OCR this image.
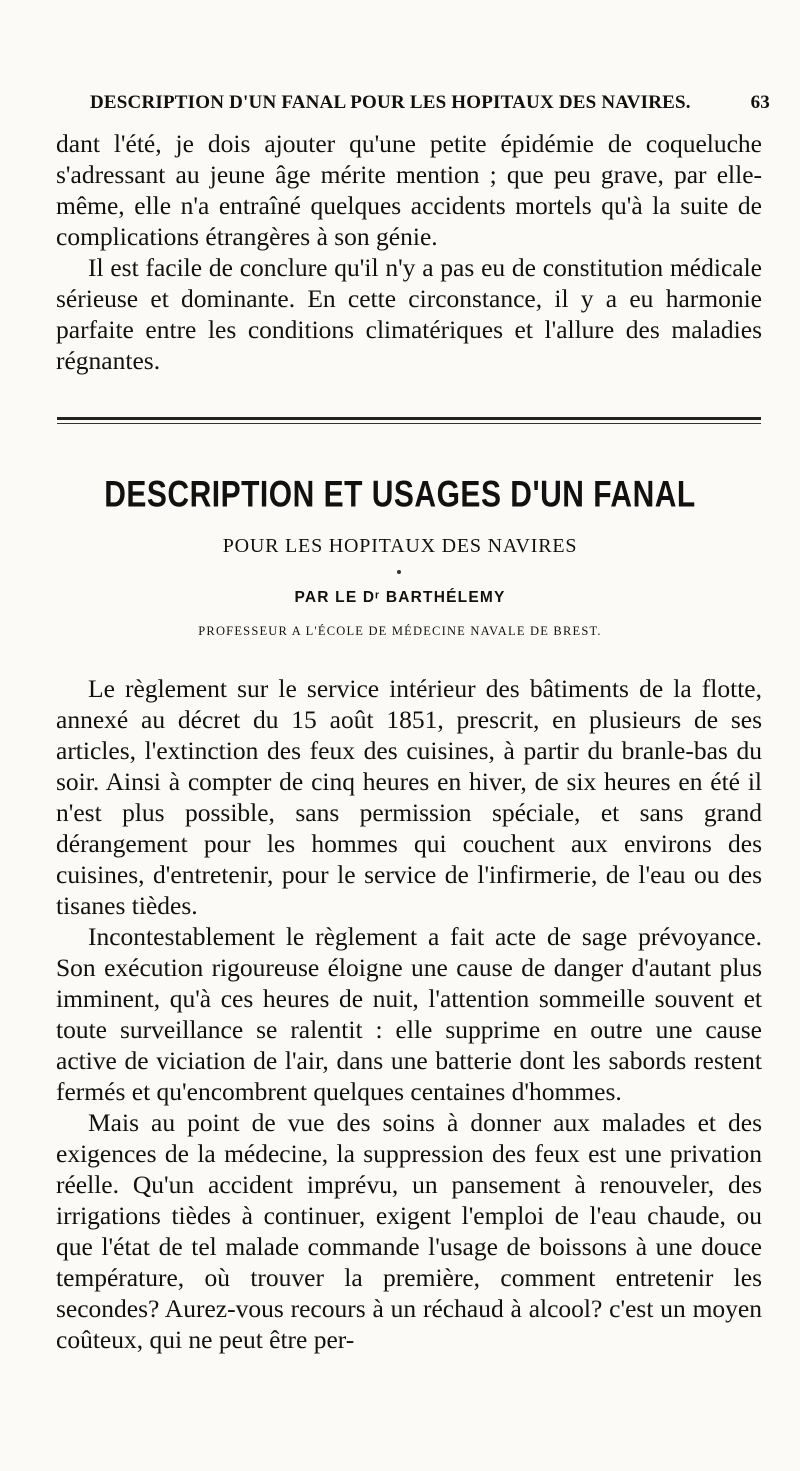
DESCRIPTION D'UN FANAL POUR LES HOPITAUX DES NAVIRES.	63

dant l'été, je dois ajouter qu'une petite épidémie de coqueluche s'adressant au jeune âge mérite mention ; que peu grave, par elle-même, elle n'a entraîné quelques accidents mortels qu'à la suite de complications étrangères à son génie.

Il est facile de conclure qu'il n'y a pas eu de constitution médicale sérieuse et dominante. En cette circonstance, il y a eu harmonie parfaite entre les conditions climatériques et l'allure des maladies régnantes.

DESCRIPTION ET USAGES D'UN FANAL
POUR LES HOPITAUX DES NAVIRES
PAR LE Dʳ BARTHÉLEMY
PROFESSEUR A L'ÉCOLE DE MÉDECINE NAVALE DE BREST.

Le règlement sur le service intérieur des bâtiments de la flotte, annexé au décret du 15 août 1851, prescrit, en plusieurs de ses articles, l'extinction des feux des cuisines, à partir du branle-bas du soir. Ainsi à compter de cinq heures en hiver, de six heures en été il n'est plus possible, sans permission spéciale, et sans grand dérangement pour les hommes qui couchent aux environs des cuisines, d'entretenir, pour le service de l'infirmerie, de l'eau ou des tisanes tièdes.

Incontestablement le règlement a fait acte de sage prévoyance. Son exécution rigoureuse éloigne une cause de danger d'autant plus imminent, qu'à ces heures de nuit, l'attention sommeille souvent et toute surveillance se ralentit : elle supprime en outre une cause active de viciation de l'air, dans une batterie dont les sabords restent fermés et qu'encombrent quelques centaines d'hommes.

Mais au point de vue des soins à donner aux malades et des exigences de la médecine, la suppression des feux est une privation réelle. Qu'un accident imprévu, un pansement à renouveler, des irrigations tièdes à continuer, exigent l'emploi de l'eau chaude, ou que l'état de tel malade commande l'usage de boissons à une douce température, où trouver la première, comment entretenir les secondes? Aurez-vous recours à un réchaud à alcool? c'est un moyen coûteux, qui ne peut être per-
